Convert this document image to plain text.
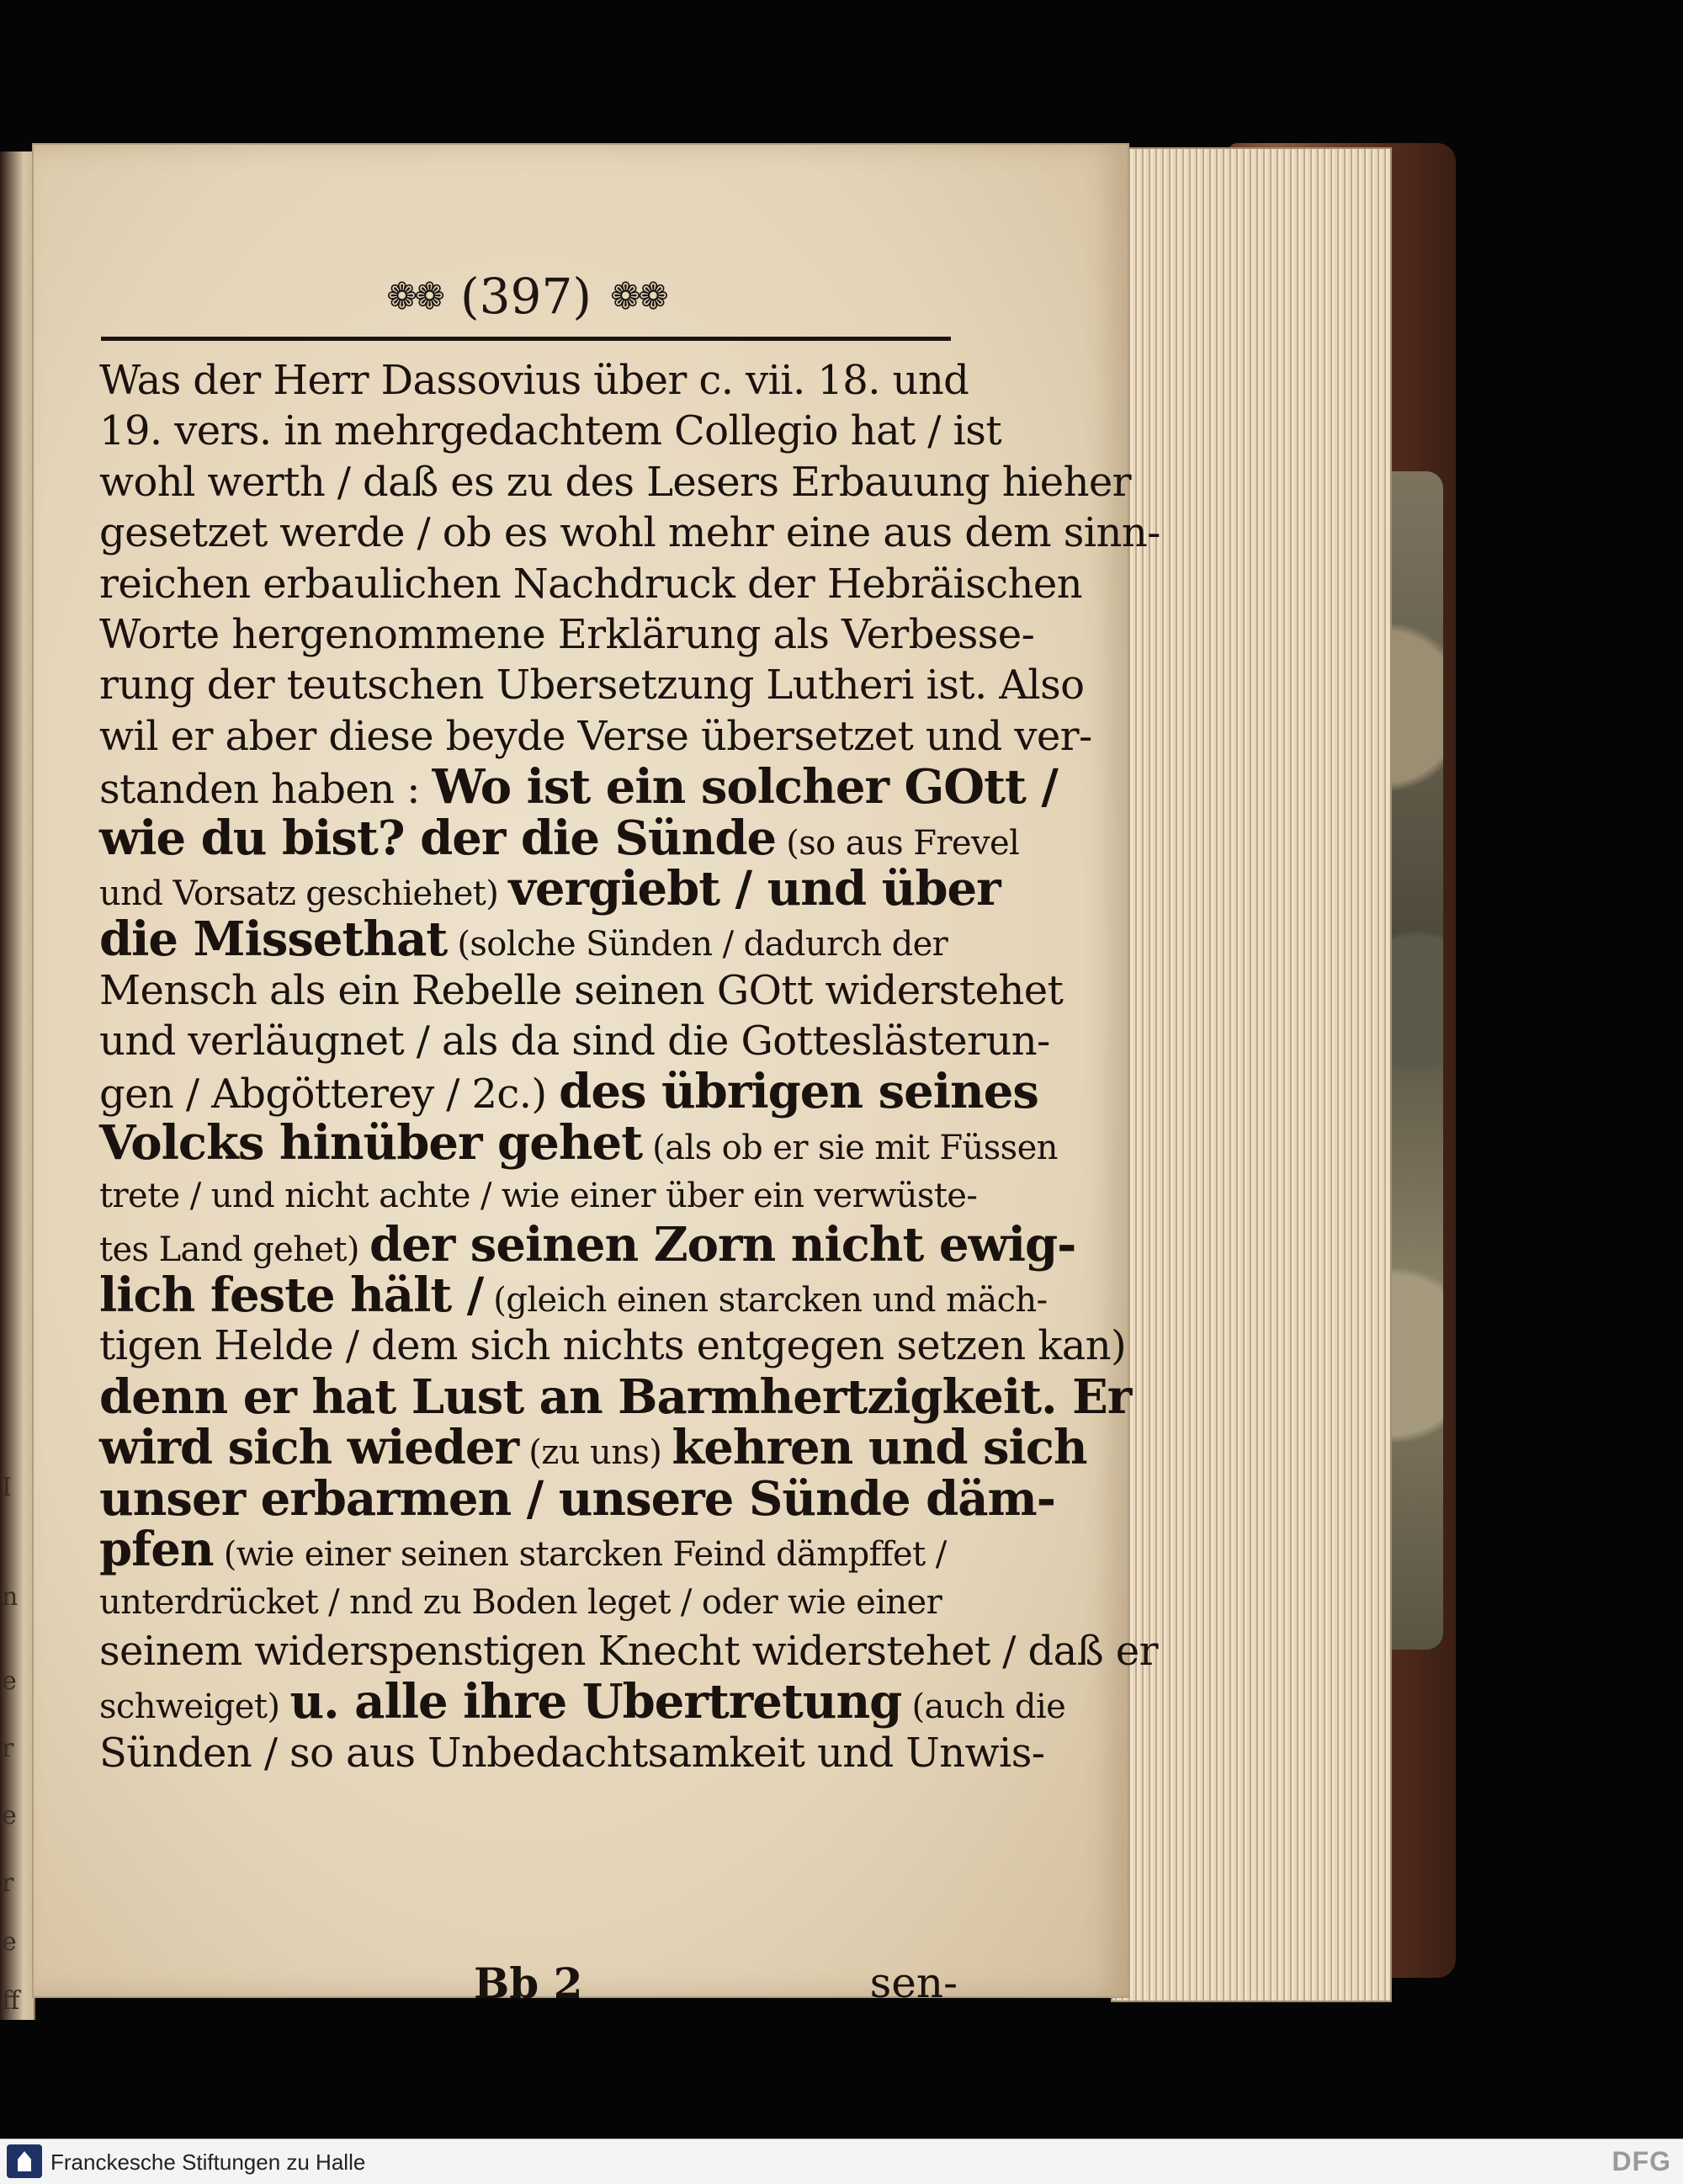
I
n
e
r
e
r
e
ff
❁❁ (397) ❁❁
Was der Herr Dassovius über c. vii. 18. und
19. vers. in mehrgedachtem Collegio hat / ist
wohl werth / daß es zu des Lesers Erbauung hieher
gesetzet werde / ob es wohl mehr eine aus dem sinn-
reichen erbaulichen Nachdruck der Hebräischen
Worte hergenommene Erklärung als Verbesse-
rung der teutschen Ubersetzung Lutheri ist. Also
wil er aber diese beyde Verse übersetzet und ver-
standen haben : Wo ist ein solcher GOtt /
wie du bist? der die Sünde (so aus Frevel
und Vorsatz geschiehet) vergiebt / und über
die Missethat (solche Sünden / dadurch der
Mensch als ein Rebelle seinen GOtt widerstehet
und verläugnet / als da sind die Gotteslästerun-
gen / Abgötterey / 2c.) des übrigen seines
Volcks hinüber gehet (als ob er sie mit Füssen
trete / und nicht achte / wie einer über ein verwüste-
tes Land gehet) der seinen Zorn nicht ewig-
lich feste hält / (gleich einen starcken und mäch-
tigen Helde / dem sich nichts entgegen setzen kan)
denn er hat Lust an Barmhertzigkeit. Er
wird sich wieder (zu uns) kehren und sich
unser erbarmen / unsere Sünde däm-
pfen (wie einer seinen starcken Feind dämpffet /
unterdrücket / nnd zu Boden leget / oder wie einer
seinem widerspenstigen Knecht widerstehet / daß er
schweiget) u. alle ihre Ubertretung (auch die
Sünden / so aus Unbedachtsamkeit und Unwis-
Bb 2	sen-
Franckesche Stiftungen zu Halle	DFG
